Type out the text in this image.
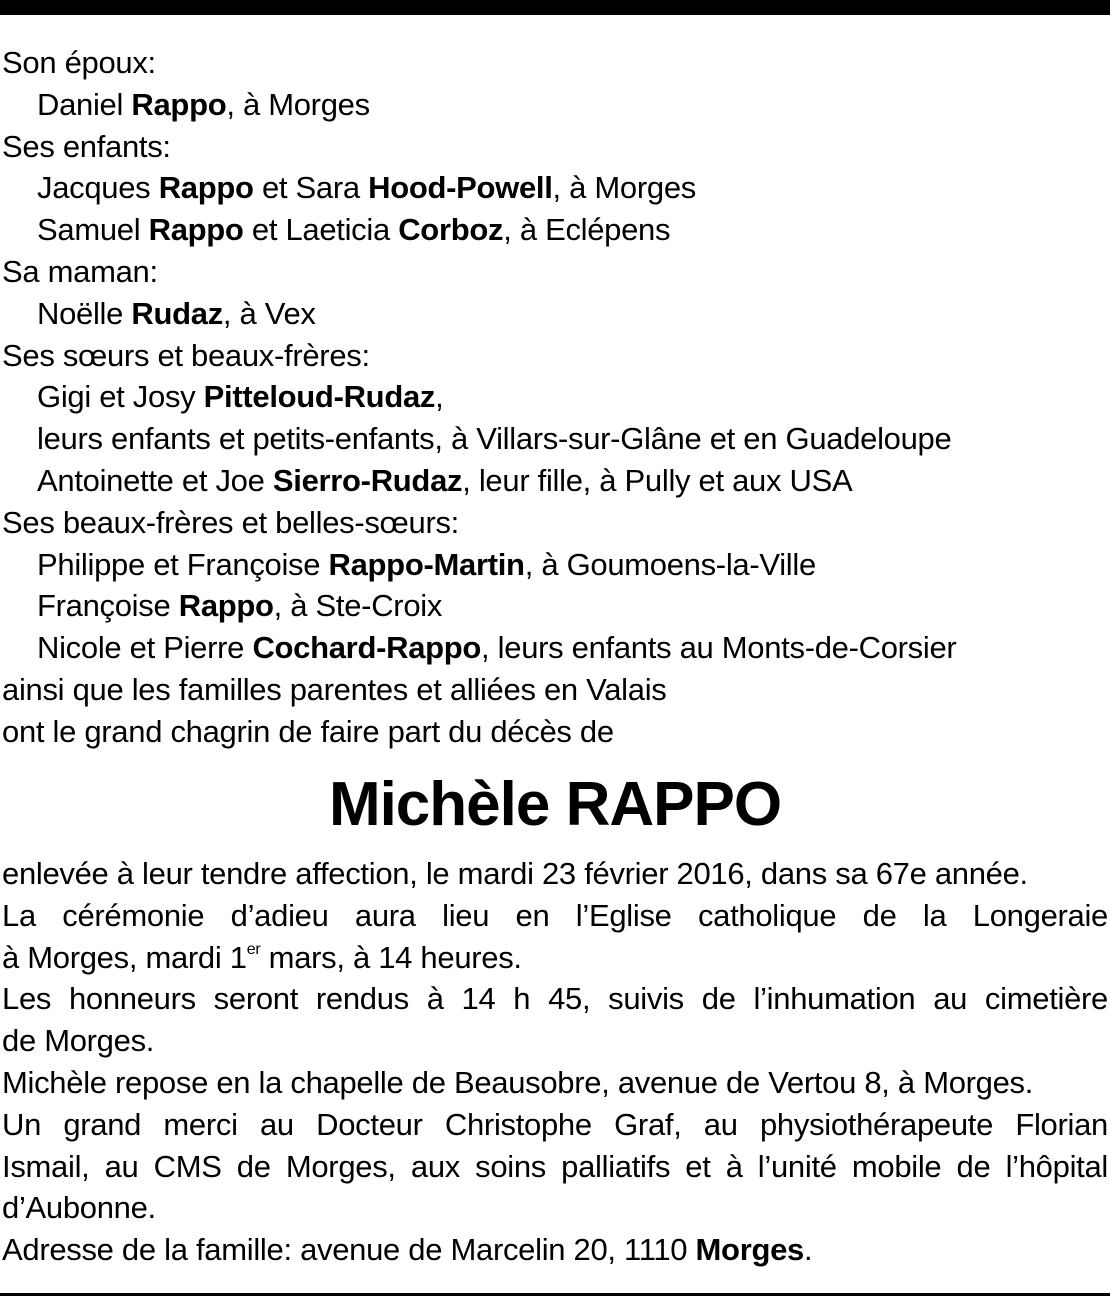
Son époux:
Daniel Rappo, à Morges
Ses enfants:
Jacques Rappo et Sara Hood-Powell, à Morges
Samuel Rappo et Laeticia Corboz, à Eclépens
Sa maman:
Noëlle Rudaz, à Vex
Ses sœurs et beaux-frères:
Gigi et Josy Pitteloud-Rudaz,
leurs enfants et petits-enfants, à Villars-sur-Glâne et en Guadeloupe
Antoinette et Joe Sierro-Rudaz, leur fille, à Pully et aux USA
Ses beaux-frères et belles-sœurs:
Philippe et Françoise Rappo-Martin, à Goumoens-la-Ville
Françoise Rappo, à Ste-Croix
Nicole et Pierre Cochard-Rappo, leurs enfants au Monts-de-Corsier
ainsi que les familles parentes et alliées en Valais
ont le grand chagrin de faire part du décès de
Michèle RAPPO
enlevée à leur tendre affection, le mardi 23 février 2016, dans sa 67e année.
La cérémonie d’adieu aura lieu en l’Eglise catholique de la Longeraie
à Morges, mardi 1er mars, à 14 heures.
Les honneurs seront rendus à 14 h 45, suivis de l’inhumation au cimetière
de Morges.
Michèle repose en la chapelle de Beausobre, avenue de Vertou 8, à Morges.
Un grand merci au Docteur Christophe Graf, au physiothérapeute Florian
Ismail, au CMS de Morges, aux soins palliatifs et à l’unité mobile de l’hôpital
d’Aubonne.
Adresse de la famille: avenue de Marcelin 20, 1110 Morges.
